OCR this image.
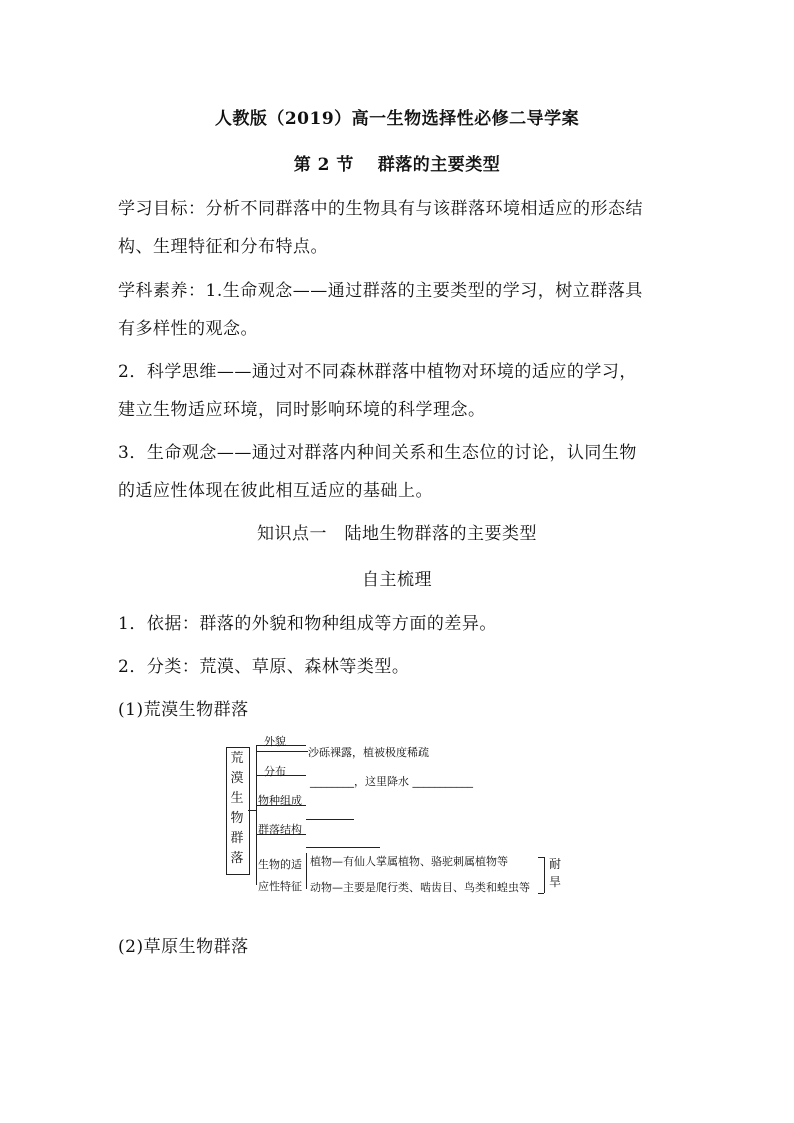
人教版（2019）高一生物选择性必修二导学案
第 2 节　 群落的主要类型
学习目标：分析不同群落中的生物具有与该群落环境相适应的形态结
构、生理特征和分布特点。
学科素养：1.生命观念——通过群落的主要类型的学习，树立群落具
有多样性的观念。
2．科学思维——通过对不同森林群落中植物对环境的适应的学习，
建立生物适应环境，同时影响环境的科学理念。
3．生命观念——通过对群落内种间关系和生态位的讨论，认同生物
的适应性体现在彼此相互适应的基础上。
知识点一　陆地生物群落的主要类型
自主梳理
1．依据：群落的外貌和物种组成等方面的差异。
2．分类：荒漠、草原、森林等类型。
(1)荒漠生物群落
荒
漠
生
物
群
落
外貌
沙砾裸露，植被极度稀疏
分布
________，这里降水 ___________
物种组成
群落结构
生物的适
应性特征
植物—有仙人掌属植物、骆驼刺属植物等
动物—主要是爬行类、啮齿目、鸟类和蝗虫等
耐
旱
(2)草原生物群落
